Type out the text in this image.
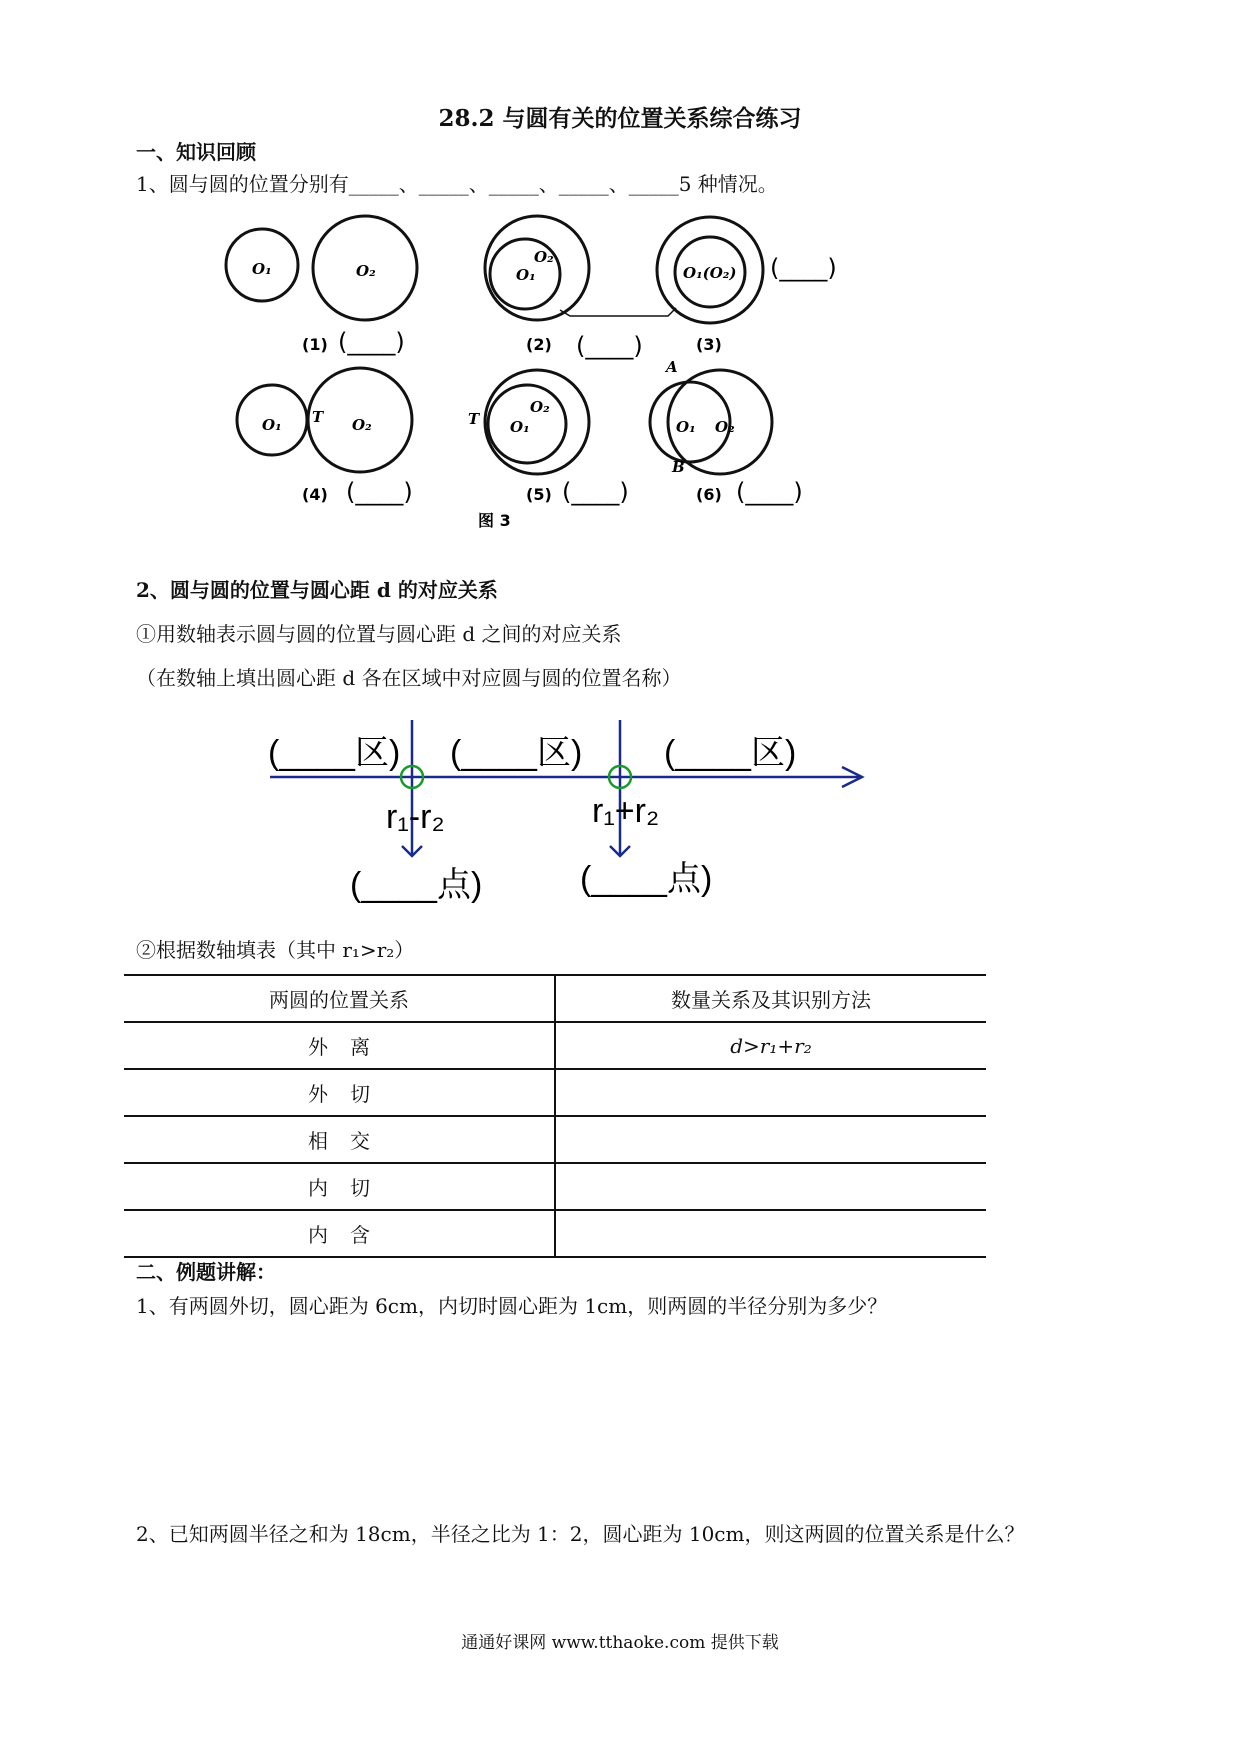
28.2 与圆有关的位置关系综合练习
一、知识回顾
1、圆与圆的位置分别有_____、_____、_____、_____、_____5 种情况。
O₁	O₂	O₁
O₂
O₁(O₂)
O₁ T O₂	T O₁
O₂
A
O₁ O₂
B
(1)	(2)	(3)
(4)	(5)	(6)
图 3
(____)
(____)	(____)
(____)	(____)	(____)
2、圆与圆的位置与圆心距 d 的对应关系
①用数轴表示圆与圆的位置与圆心距 d 之间的对应关系
（在数轴上填出圆心距 d 各在区域中对应圆与圆的位置名称）
(____区) (____区) (____区)
r₁-r₂	r₁+r₂
(____点)	(____点)
②根据数轴填表（其中 r₁>r₂）
两圆的位置关系	数量关系及其识别方法
外离	d>r₁+r₂
外切	
相交	
内切	
内含	
二、例题讲解：
1、有两圆外切，圆心距为 6cm，内切时圆心距为 1cm，则两圆的半径分别为多少？
2、已知两圆半径之和为 18cm，半径之比为 1：2，圆心距为 10cm，则这两圆的位置关系是什么？
通通好课网 www.tthaoke.com 提供下载
